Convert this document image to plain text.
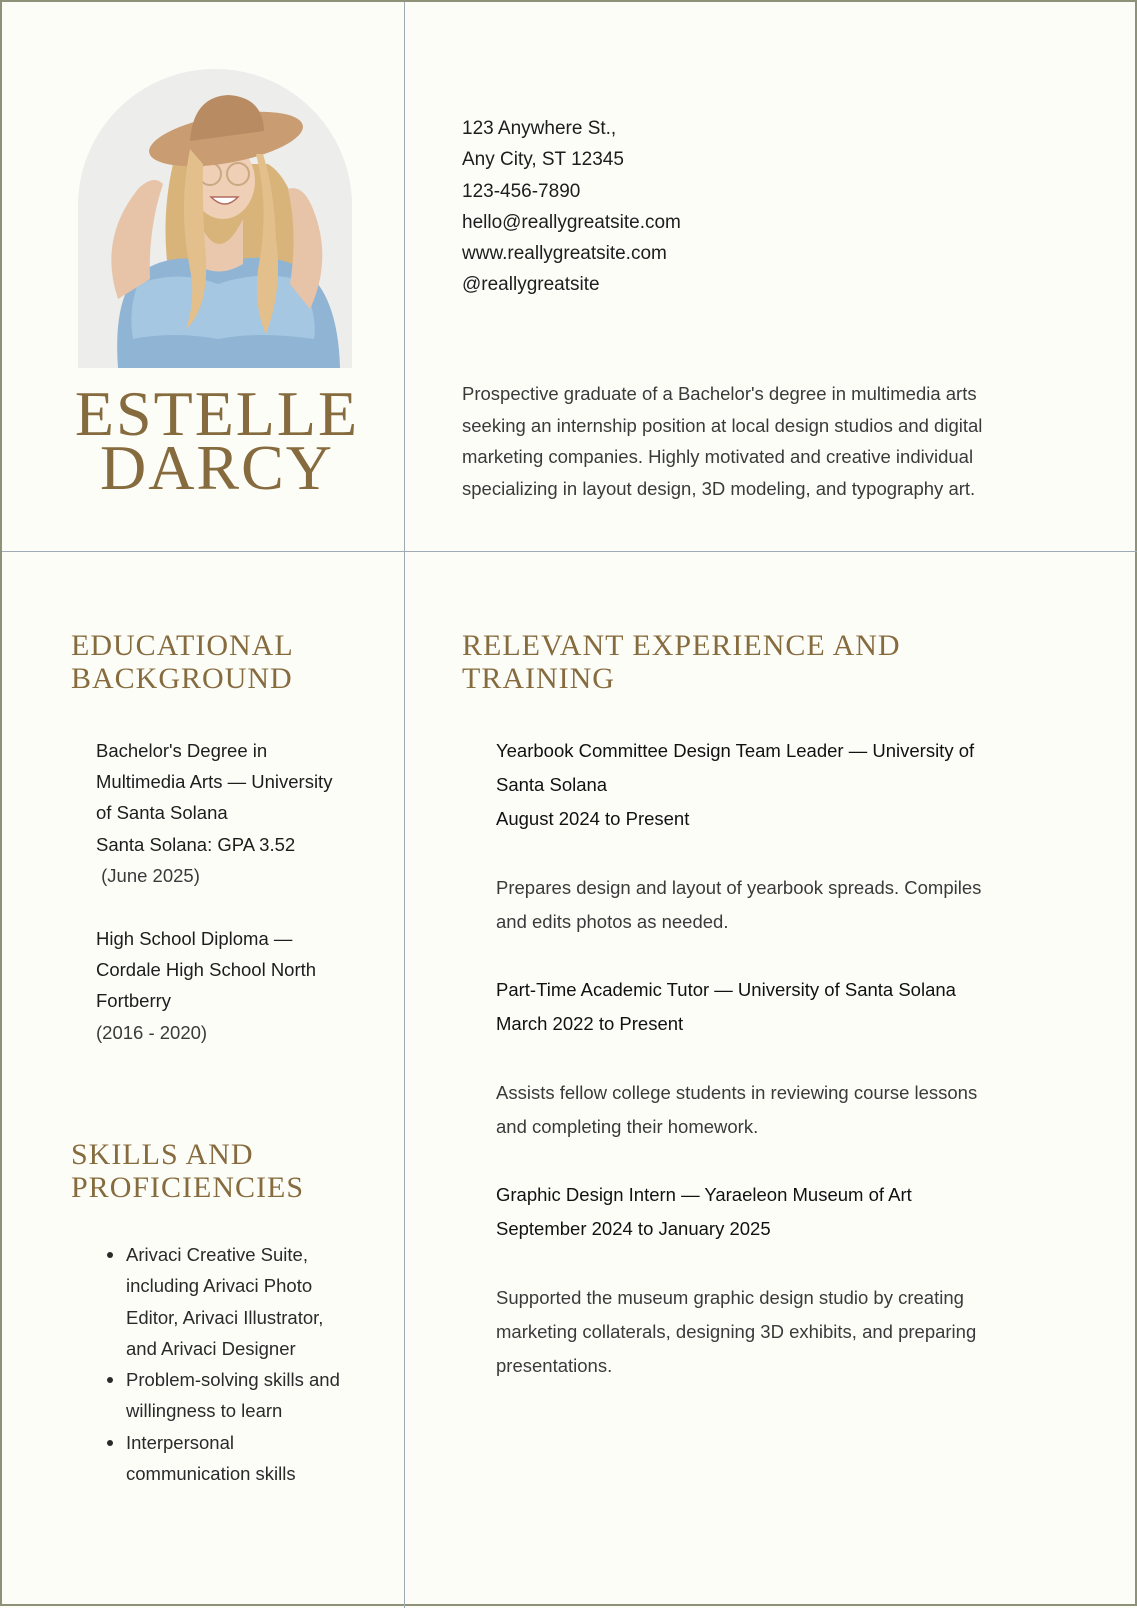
ESTELLE
DARCY
123 Anywhere St.,
Any City, ST 12345
123-456-7890
hello@reallygreatsite.com
www.reallygreatsite.com
@reallygreatsite
Prospective graduate of a Bachelor's degree in multimedia arts
seeking an internship position at local design studios and digital
marketing companies. Highly motivated and creative individual
specializing in layout design, 3D modeling, and typography art.
EDUCATIONAL
BACKGROUND
Bachelor's Degree in
Multimedia Arts — University
of Santa Solana
Santa Solana: GPA 3.52
(June 2025)
High School Diploma —
Cordale High School North
Fortberry
(2016 - 2020)
SKILLS AND
PROFICIENCIES
Arivaci Creative Suite,
including Arivaci Photo
Editor, Arivaci Illustrator,
and Arivaci Designer
Problem-solving skills and
willingness to learn
Interpersonal
communication skills
RELEVANT EXPERIENCE AND
TRAINING
Yearbook Committee Design Team Leader — University of
Santa Solana
August 2024 to Present
Prepares design and layout of yearbook spreads. Compiles
and edits photos as needed.
Part-Time Academic Tutor — University of Santa Solana
March 2022 to Present
Assists fellow college students in reviewing course lessons
and completing their homework.
Graphic Design Intern — Yaraeleon Museum of Art
September 2024 to January 2025
Supported the museum graphic design studio by creating
marketing collaterals, designing 3D exhibits, and preparing
presentations.
